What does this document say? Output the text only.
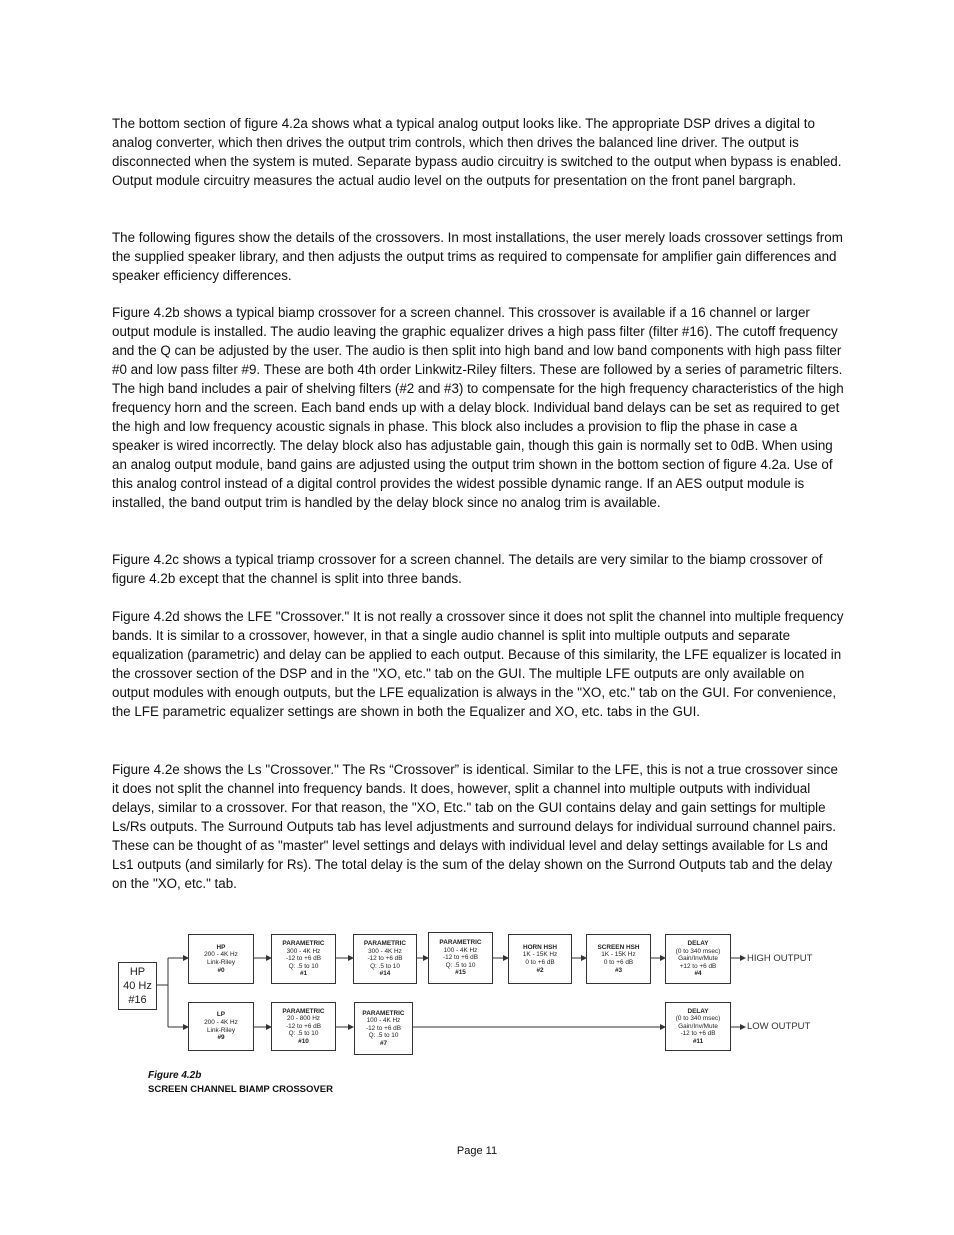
The bottom section of figure 4.2a shows what a typical analog output looks like. The appropriate DSP drives a digital to analog converter, which then drives the output trim controls, which then drives the balanced line driver. The output is disconnected when the system is muted. Separate bypass audio circuitry is switched to the output when bypass is enabled. Output module circuitry measures the actual audio level on the outputs for presentation on the front panel bargraph.

The following figures show the details of the crossovers. In most installations, the user merely loads crossover settings from the supplied speaker library, and then adjusts the output trims as required to compensate for amplifier gain differences and speaker efficiency differences.

Figure 4.2b shows a typical biamp crossover for a screen channel. This crossover is available if a 16 channel or larger output module is installed. The audio leaving the graphic equalizer drives a high pass filter (filter #16). The cutoff frequency and the Q can be adjusted by the user. The audio is then split into high band and low band components with high pass filter #0 and low pass filter #9. These are both 4th order Linkwitz-Riley filters. These are followed by a series of parametric filters. The high band includes a pair of shelving filters (#2 and #3) to compensate for the high frequency characteristics of the high frequency horn and the screen. Each band ends up with a delay block. Individual band delays can be set as required to get the high and low frequency acoustic signals in phase. This block also includes a provision to flip the phase in case a speaker is wired incorrectly. The delay block also has adjustable gain, though this gain is normally set to 0dB. When using an analog output module, band gains are adjusted using the output trim shown in the bottom section of figure 4.2a. Use of this analog control instead of a digital control provides the widest possible dynamic range. If an AES output module is installed, the band output trim is handled by the delay block since no analog trim is available.

Figure 4.2c shows a typical triamp crossover for a screen channel. The details are very similar to the biamp crossover of figure 4.2b except that the channel is split into three bands.

Figure 4.2d shows the LFE "Crossover." It is not really a crossover since it does not split the channel into multiple frequency bands. It is similar to a crossover, however, in that a single audio channel is split into multiple outputs and separate equalization (parametric) and delay can be applied to each output. Because of this similarity, the LFE equalizer is located in the crossover section of the DSP and in the "XO, etc." tab on the GUI. The multiple LFE outputs are only available on output modules with enough outputs, but the LFE equalization is always in the "XO, etc." tab on the GUI. For convenience, the LFE parametric equalizer settings are shown in both the Equalizer and XO, etc. tabs in the GUI.

Figure 4.2e shows the Ls "Crossover." The Rs “Crossover” is identical. Similar to the LFE, this is not a true crossover since it does not split the channel into frequency bands. It does, however, split a channel into multiple outputs with individual delays, similar to a crossover. For that reason, the "XO, Etc." tab on the GUI contains delay and gain settings for multiple Ls/Rs outputs. The Surround Outputs tab has level adjustments and surround delays for individual surround channel pairs. These can be thought of as "master" level settings and delays with individual level and delay settings available for Ls and Ls1 outputs (and similarly for Rs). The total delay is the sum of the delay shown on the Surrond Outputs tab and the delay on the "XO, etc." tab.

HP
40 Hz
#16
HP
200 - 4K Hz
Link-Riley
#0
PARAMETRIC
300 - 4K Hz
-12 to +6 dB
Q: .5 to 10
#1
PARAMETRIC
300 - 4K Hz
-12 to +6 dB
Q: .5 to 10
#14
PARAMETRIC
100 - 4K Hz
-12 to +6 dB
Q: .5 to 10
#15
HORN HSH
1K - 15K Hz
0 to +6 dB
#2
SCREEN HSH
1K - 15K Hz
0 to +6 dB
#3
DELAY
(0 to 340 msec)
Gain/Inv/Mute
+12 to +6 dB
#4
HIGH OUTPUT
LP
200 - 4K Hz
Link-Riley
#9
PARAMETRIC
20 - 800 Hz
-12 to +6 dB
Q: .5 to 10
#10
PARAMETRIC
100 - 4K Hz
-12 to +6 dB
Q: .5 to 10
#7
DELAY
(0 to 340 msec)
Gain/Inv/Mute
-12 to +6 dB
#11
LOW OUTPUT
Figure 4.2b
SCREEN CHANNEL BIAMP CROSSOVER
Page 11
